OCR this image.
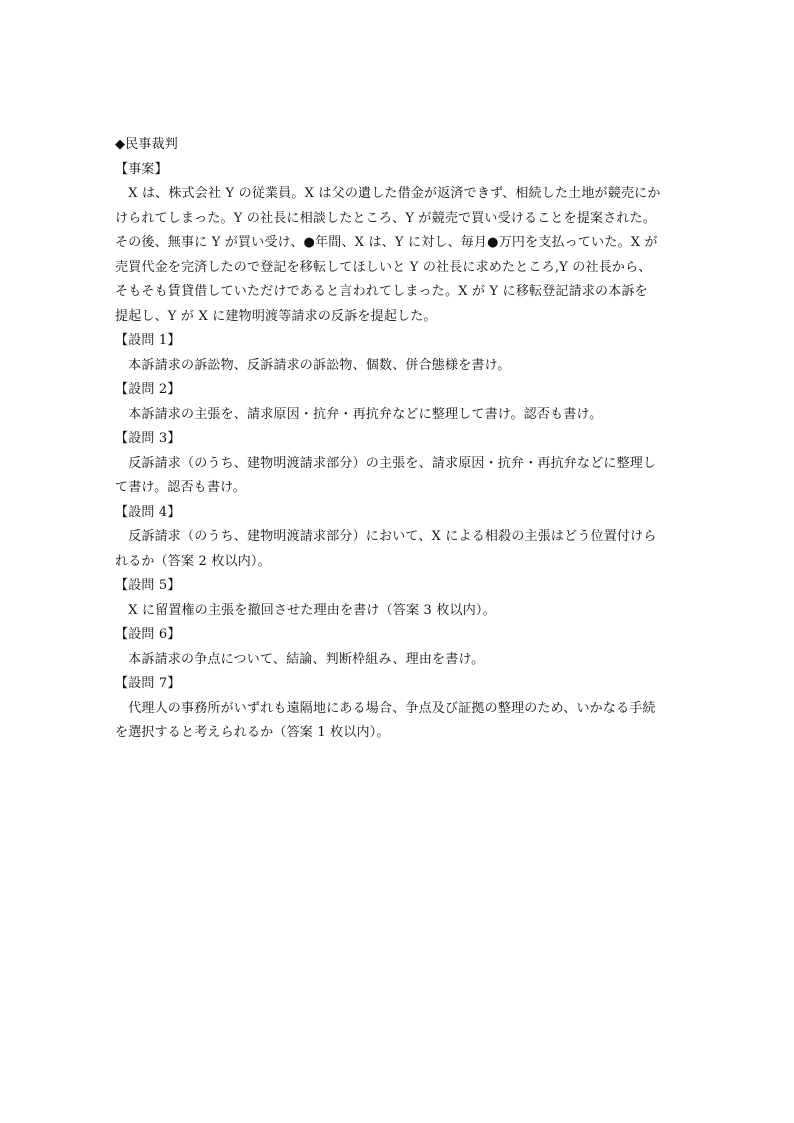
◆民事裁判
【事案】
　X は、株式会社 Y の従業員。X は父の遺した借金が返済できず、相続した土地が競売にか
けられてしまった。Y の社長に相談したところ、Y が競売で買い受けることを提案された。
その後、無事に Y が買い受け、●年間、X は、Y に対し、毎月●万円を支払っていた。X が
売買代金を完済したので登記を移転してほしいと Y の社長に求めたところ,Y の社長から、
そもそも賃貸借していただけであると言われてしまった。X が Y に移転登記請求の本訴を
提起し、Y が X に建物明渡等請求の反訴を提起した。
【設問 1】
　本訴請求の訴訟物、反訴請求の訴訟物、個数、併合態様を書け。
【設問 2】
　本訴請求の主張を、請求原因・抗弁・再抗弁などに整理して書け。認否も書け。
【設問 3】
　反訴請求（のうち、建物明渡請求部分）の主張を、請求原因・抗弁・再抗弁などに整理し
て書け。認否も書け。
【設問 4】
　反訴請求（のうち、建物明渡請求部分）において、X による相殺の主張はどう位置付けら
れるか（答案 2 枚以内）。
【設問 5】
　X に留置権の主張を撤回させた理由を書け（答案 3 枚以内）。
【設問 6】
　本訴請求の争点について、結論、判断枠組み、理由を書け。
【設問 7】
　代理人の事務所がいずれも遠隔地にある場合、争点及び証拠の整理のため、いかなる手続
を選択すると考えられるか（答案 1 枚以内）。
